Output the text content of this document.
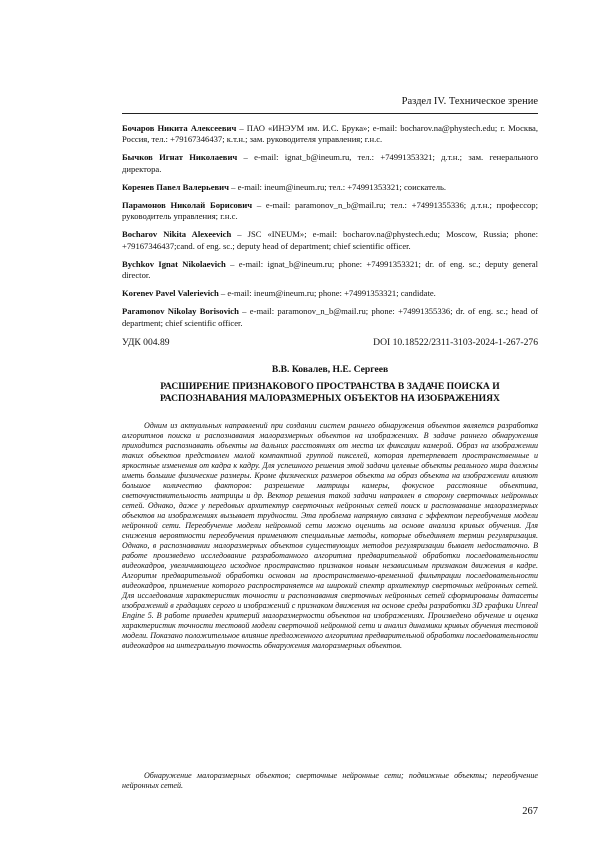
Раздел IV. Техническое зрение

Бочаров Никита Алексеевич – ПАО «ИНЭУМ им. И.С. Брука»; e-mail: bocharov.na@phystech.edu; г. Москва, Россия, тел.: +79167346437; к.т.н.; зам. руководителя управления; г.н.с.

Бычков Игнат Николаевич – e-mail: ignat_b@ineum.ru, тел.: +74991353321; д.т.н.; зам. генерального директора.

Коренев Павел Валерьевич – e-mail: ineum@ineum.ru; тел.: +74991353321; соискатель.

Парамонов Николай Борисович – e-mail: paramonov_n_b@mail.ru; тел.: +74991355336; д.т.н.; профессор; руководитель управления; г.н.с.

Bocharov Nikita Alexeevich – JSC «INEUM»; e-mail: bocharov.na@phystech.edu; Moscow, Russia; phone: +79167346437;cand. of eng. sc.; deputy head of department; chief scientific officer.

Bychkov Ignat Nikolaevich – e-mail: ignat_b@ineum.ru; phone: +74991353321; dr. of eng. sc.; deputy general director.

Korenev Pavel Valerievich – e-mail: ineum@ineum.ru; phone: +74991353321; candidate.

Paramonov Nikolay Borisovich – e-mail: paramonov_n_b@mail.ru; phone: +74991355336; dr. of eng. sc.; head of department; chief scientific officer.

УДК 004.89	DOI 10.18522/2311-3103-2024-1-267-276
В.В. Ковалев, Н.Е. Сергеев
РАСШИРЕНИЕ ПРИЗНАКОВОГО ПРОСТРАНСТВА В ЗАДАЧЕ ПОИСКА И РАСПОЗНАВАНИЯ МАЛОРАЗМЕРНЫХ ОБЪЕКТОВ НА ИЗОБРАЖЕНИЯХ

Одним из актуальных направлений при создании систем раннего обнаружения объектов является разработка алгоритмов поиска и распознавания малоразмерных объектов на изображениях. В задаче раннего обнаружения приходится распознавать объекты на дальних расстояниях от места их фиксации камерой. Образ на изображении таких объектов представлен малой компактной группой пикселей, которая претерпевает пространственные и яркостные изменения от кадра к кадру. Для успешного решения этой задачи целевые объекты реального мира должны иметь большие физические размеры. Кроме физических размеров объекта на образ объекта на изображении влияют большое количество факторов: разрешение матрицы камеры, фокусное расстояние объектива, светочувствительность матрицы и др. Вектор решения такой задачи направлен в сторону сверточных нейронных сетей. Однако, даже у передовых архитектур сверточных нейронных сетей поиск и распознавание малоразмерных объектов на изображениях вызывает трудности. Эта проблема напрямую связана с эффектом переобучения модели нейронной сети. Переобучение модели нейронной сети можно оценить на основе анализа кривых обучения. Для снижения вероятности переобучения применяют специальные методы, которые объединяет термин регуляризация. Однако, в распознавании малоразмерных объектов существующих методов регуляризации бывает недостаточно. В работе произведено исследование разработанного алгоритма предварительной обработки последовательности видеокадров, увеличивающего исходное пространство признаков новым независимым признаком движения в кадре. Алгоритм предварительной обработки основан на пространственно-временной фильтрации последовательности видеокадров, применение которого распространяется на широкий спектр архитектур сверточных нейронных сетей. Для исследования характеристик точности и распознавания сверточных нейронных сетей сформированы датасеты изображений в градациях серого и изображений с признаком движения на основе среды разработки 3D графики Unreal Engine 5. В работе приведен критерий малоразмерности объектов на изображениях. Произведено обучение и оценка характеристик точности тестовой модели сверточной нейронной сети и анализ динамики кривых обучения тестовой модели. Показано положительное влияние предложенного алгоритма предварительной обработки последовательности видеокадров на интегральную точность обнаружения малоразмерных объектов.

Обнаружение малоразмерных объектов; сверточные нейронные сети; подвижные объекты; переобучение нейронных сетей.

267
